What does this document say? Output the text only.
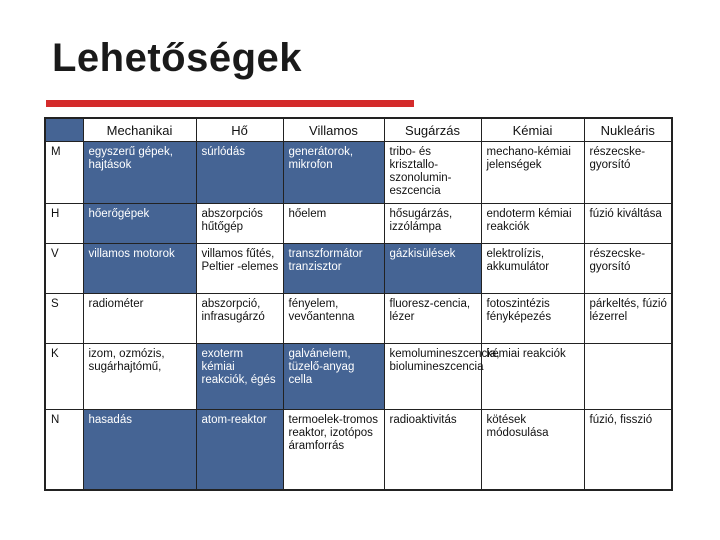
Lehetőségek
	Mechanikai	Hő	Villamos	Sugárzás	Kémiai	Nukleáris
M	egyszerű gépek, hajtások	súrlódás	generátorok, mikrofon	tribo- és krisztallo-szonolumin-eszcencia	mechano-kémiai jelenségek	részecske-gyorsító
H	hőerőgépek	abszorpciós hűtőgép	hőelem	hősugárzás, izzólámpa	endoterm kémiai reakciók	fúzió kiváltása
V	villamos motorok	villamos fűtés, Peltier -elemes	transzformátor tranzisztor	gázkisülések	elektrolízis, akkumulátor	részecske-gyorsító
S	radiométer	abszorpció, infrasugárzó	fényelem, vevőantenna	fluoresz-cencia, lézer	fotoszintézis fényképezés	párkeltés, fúzió lézerrel
K	izom, ozmózis, sugárhajtómű,	exoterm kémiai reakciók, égés	galvánelem, tüzelő-anyag cella	kemolumineszcencia, biolumineszcencia	kémiai reakciók	
N	hasadás	atom-reaktor	termoelek-tromos reaktor, izotópos áramforrás	radioaktivitás	kötések módosulása	fúzió, fisszió
